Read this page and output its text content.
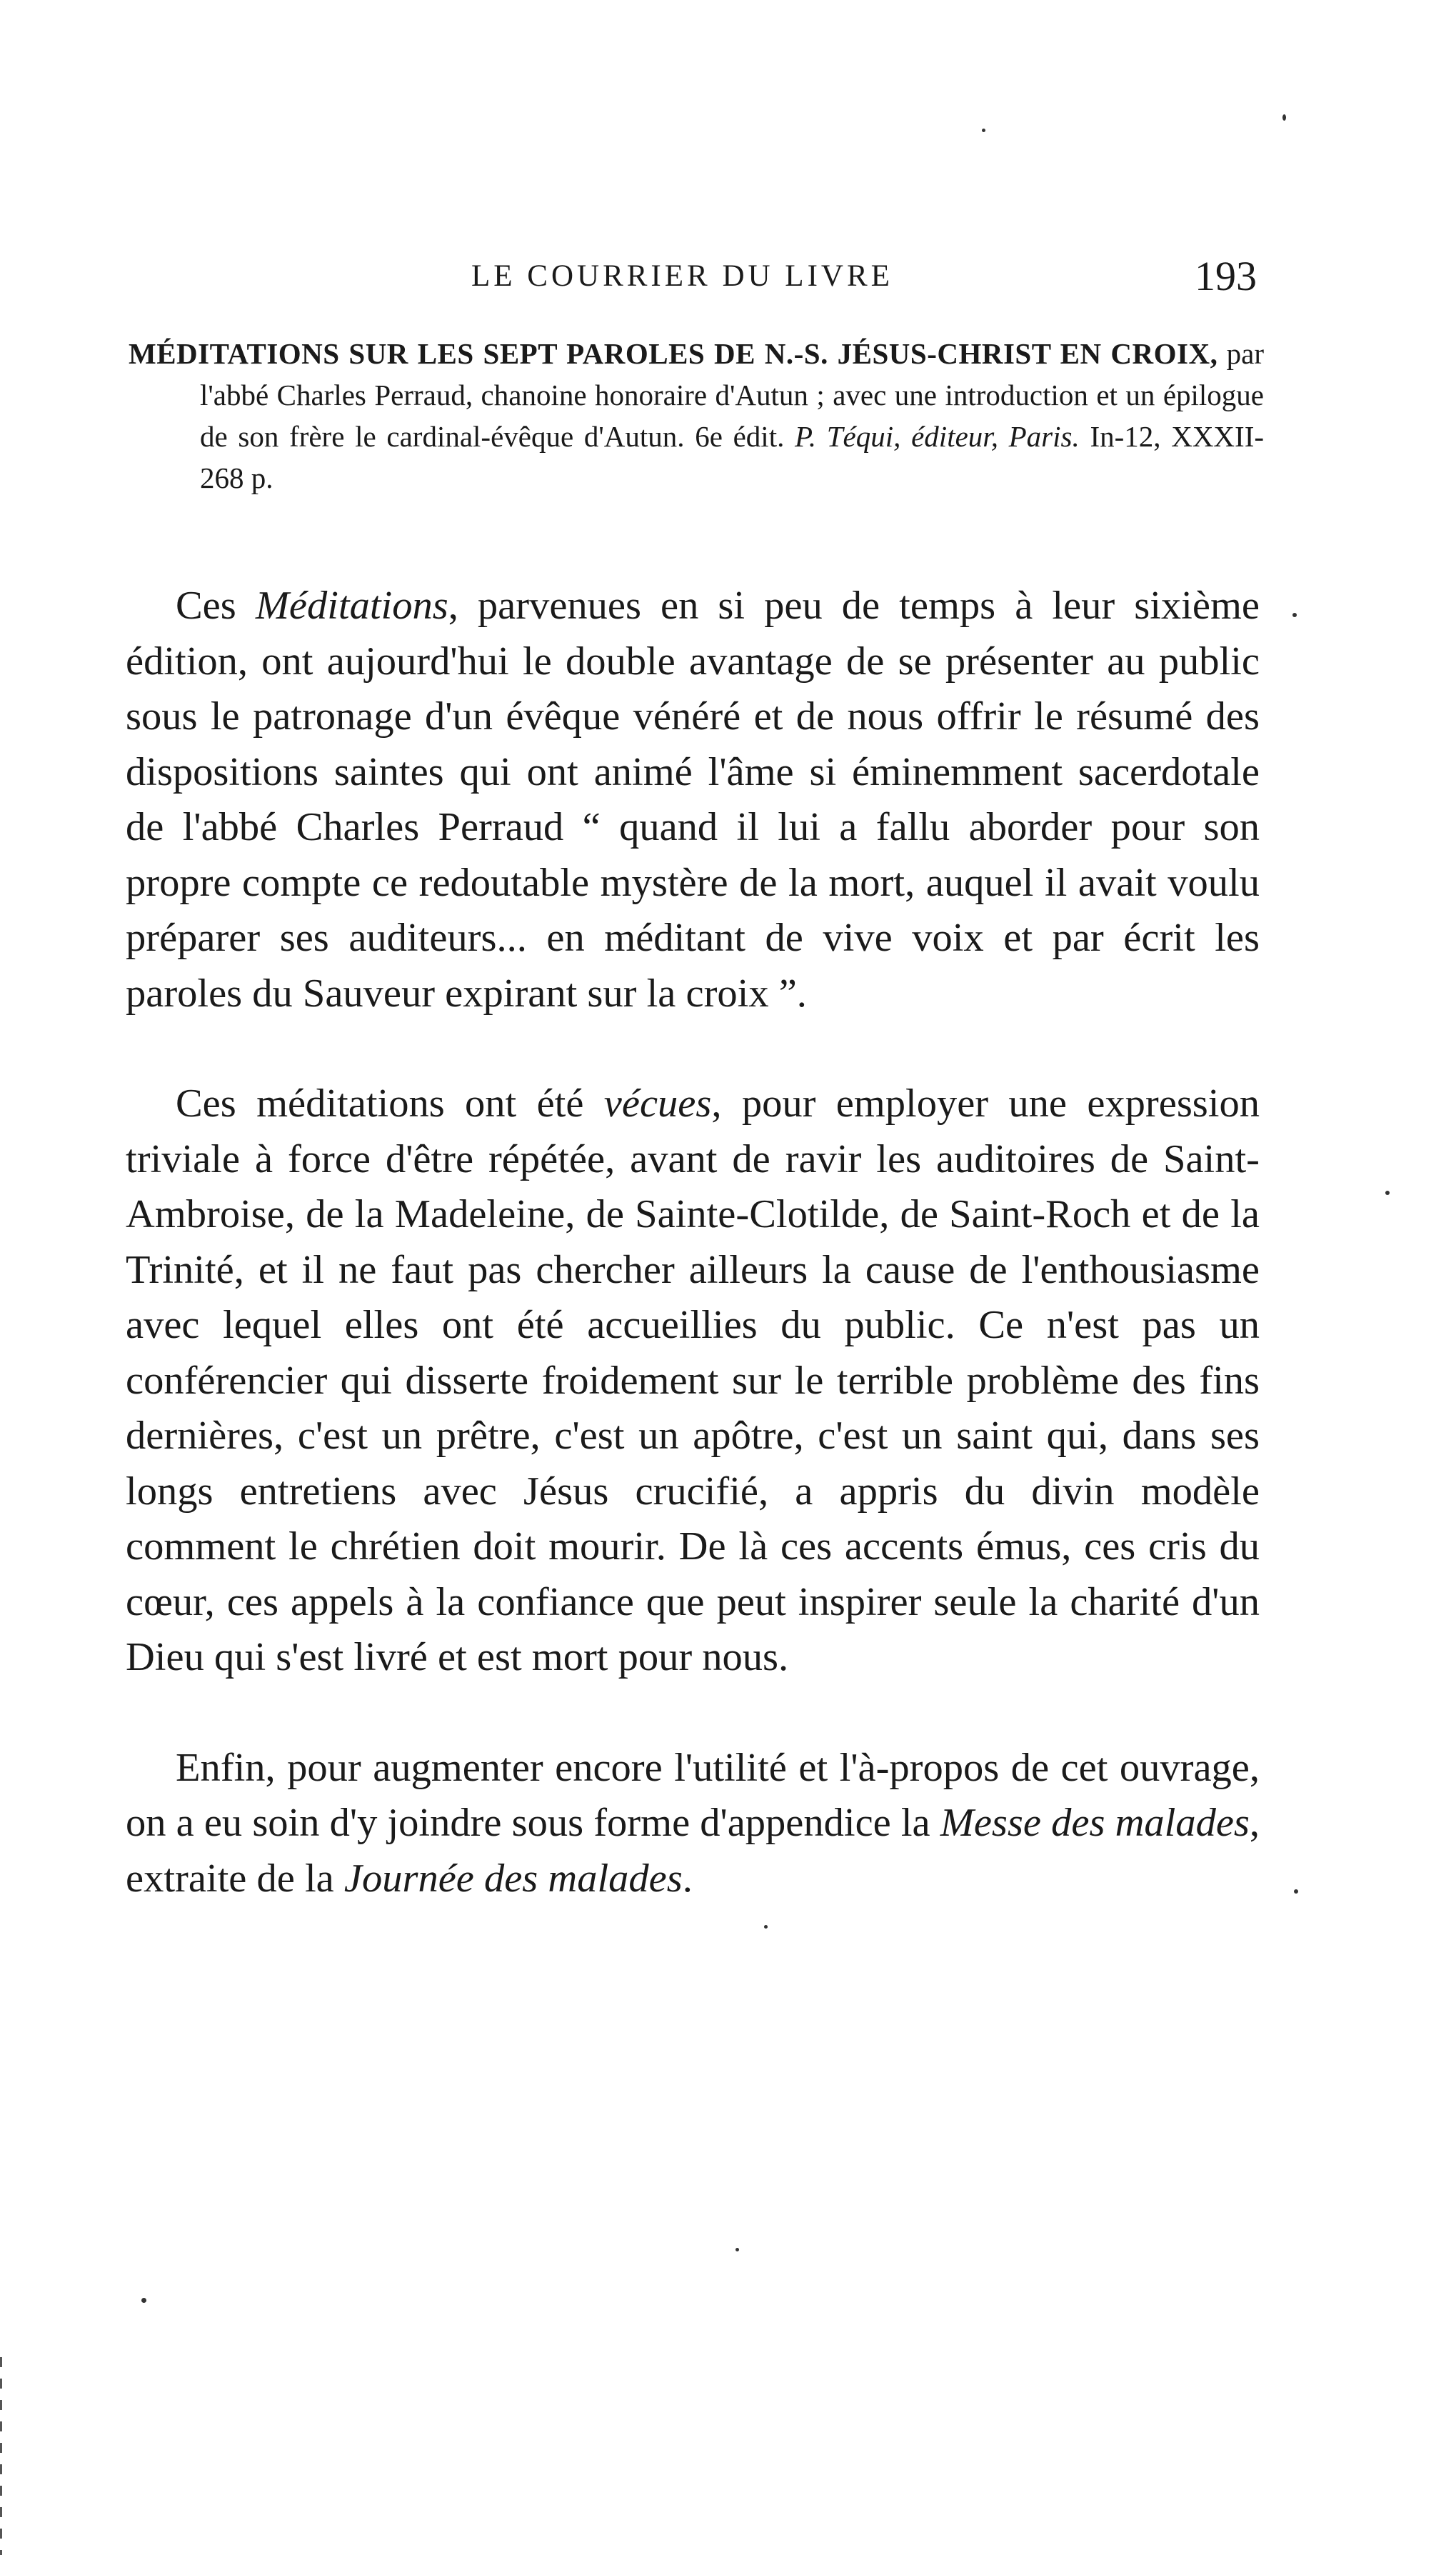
LE COURRIER DU LIVRE	193

MÉDITATIONS SUR LES SEPT PAROLES DE N.-S. JÉSUS-CHRIST EN CROIX, par l'abbé Charles Perraud, chanoine honoraire d'Autun ; avec une introduction et un épilogue de son frère le cardinal-évêque d'Autun. 6e édit. P. Téqui, éditeur, Paris. In-12, XXXII-268 p.

Ces Méditations, parvenues en si peu de temps à leur sixième édition, ont aujourd'hui le double avantage de se présenter au public sous le patronage d'un évêque vénéré et de nous offrir le résumé des dispositions saintes qui ont animé l'âme si éminemment sacerdotale de l'abbé Charles Perraud “ quand il lui a fallu aborder pour son propre compte ce redoutable mystère de la mort, auquel il avait voulu préparer ses auditeurs... en méditant de vive voix et par écrit les paroles du Sauveur expirant sur la croix ”.

Ces méditations ont été vécues, pour employer une expression triviale à force d'être répétée, avant de ravir les auditoires de Saint-Ambroise, de la Madeleine, de Sainte-Clotilde, de Saint-Roch et de la Trinité, et il ne faut pas chercher ailleurs la cause de l'enthousiasme avec lequel elles ont été accueillies du public. Ce n'est pas un conférencier qui disserte froidement sur le terrible problème des fins dernières, c'est un prêtre, c'est un apôtre, c'est un saint qui, dans ses longs entretiens avec Jésus crucifié, a appris du divin modèle comment le chrétien doit mourir. De là ces accents émus, ces cris du cœur, ces appels à la confiance que peut inspirer seule la charité d'un Dieu qui s'est livré et est mort pour nous.

Enfin, pour augmenter encore l'utilité et l'à-propos de cet ouvrage, on a eu soin d'y joindre sous forme d'appendice la Messe des malades, extraite de la Journée des malades.
